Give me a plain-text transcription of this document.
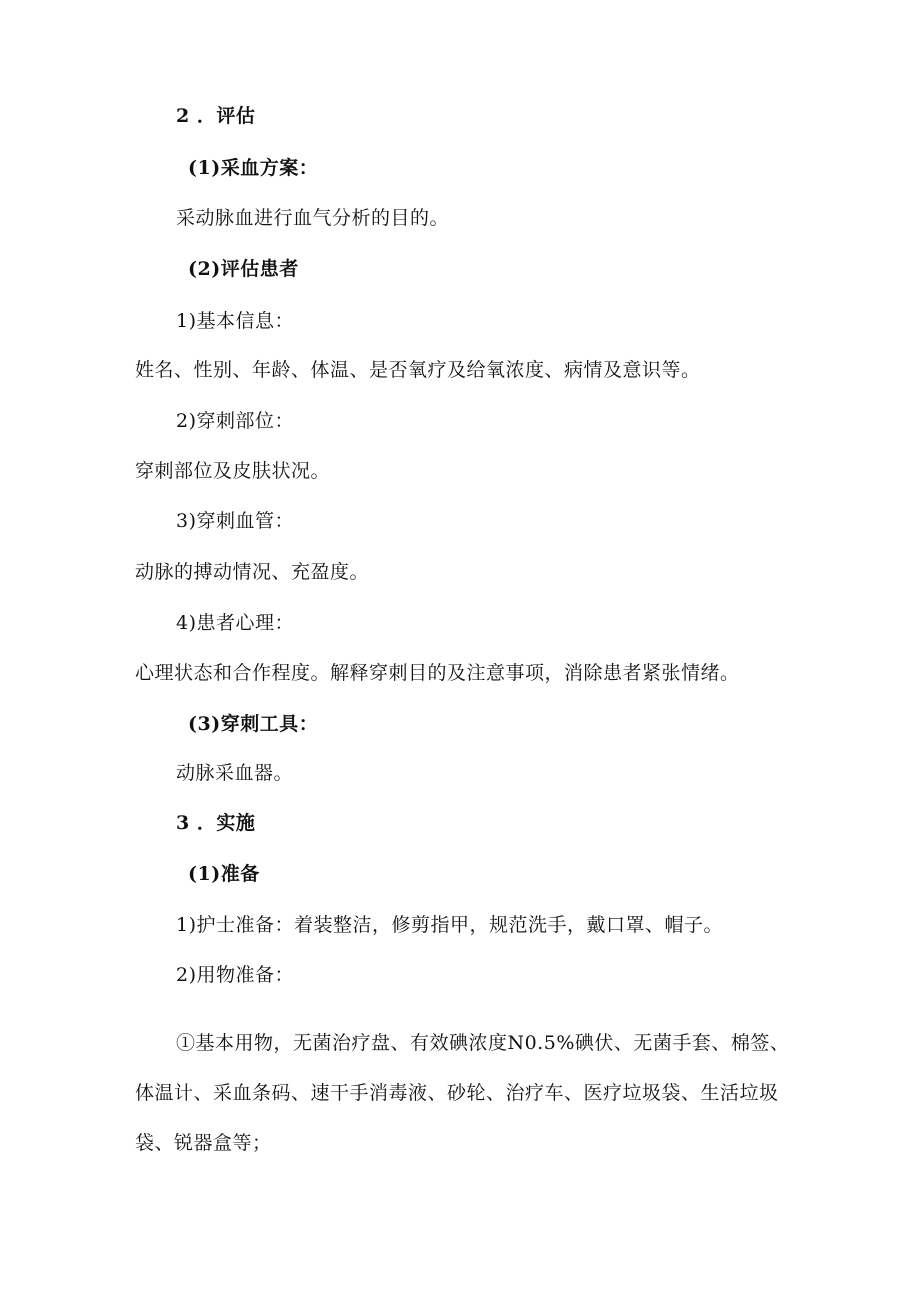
2 ．评估
(1)采血方案：
采动脉血进行血气分析的目的。
(2)评估患者
1)基本信息：
姓名、性别、年龄、体温、是否氧疗及给氧浓度、病情及意识等。
2)穿刺部位：
穿刺部位及皮肤状况。
3)穿刺血管：
动脉的搏动情况、充盈度。
4)患者心理：
心理状态和合作程度。解释穿刺目的及注意事项，消除患者紧张情绪。
(3)穿刺工具：
动脉采血器。
3 ．实施
(1)准备
1)护士准备：着装整洁，修剪指甲，规范洗手，戴口罩、帽子。
2)用物准备：
①基本用物，无菌治疗盘、有效碘浓度N0.5%碘伏、无菌手套、棉签、
体温计、采血条码、速干手消毒液、砂轮、治疗车、医疗垃圾袋、生活垃圾
袋、锐器盒等；
